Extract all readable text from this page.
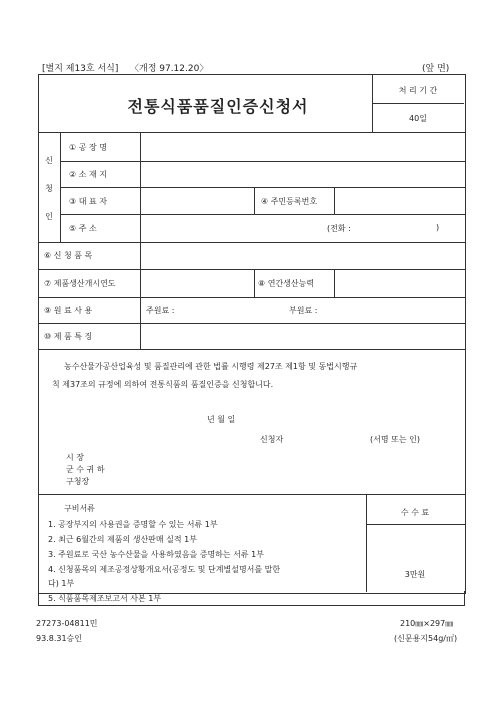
[별지 제13호 서식] 〈개정 97.12.20〉	(앞 면)
전통식품품질인증신청서
처 리 기 간
40일
신
청
인
① 공 장 명
② 소 재 지
③ 대 표 자	④ 주민등록번호
⑤ 주 소	(전화 :	)
⑥ 신 청 품 목
⑦ 제품생산개시연도	⑧ 연간생산능력
⑨ 원 료 사 용	주원료 :	부원료 :
⑩ 제 품 특 징
농수산물가공산업육성 및 품질관리에 관한 법률 시행령 제27조 제1항 및 동법시행규
칙 제37조의 규정에 의하여 전통식품의 품질인증을 신청합니다.
년 월 일
신청자	(서명 또는 인)
시 장
군 수 귀 하
구청장
구비서류
1. 공장부지의 사용권을 증명할 수 있는 서류 1부
2. 최근 6월간의 제품의 생산판매 실적 1부
3. 주원료로 국산 농수산물을 사용하였음을 증명하는 서류 1부
4. 신청품목의 제조공정상황개요서(공정도 및 단계별설명서를 말한
다) 1부
5. 식품품목제조보고서 사본 1부
수 수 료
3만원
27273-04811민
93.8.31승인
210㎜×297㎜
(신문용지54g/㎡)
